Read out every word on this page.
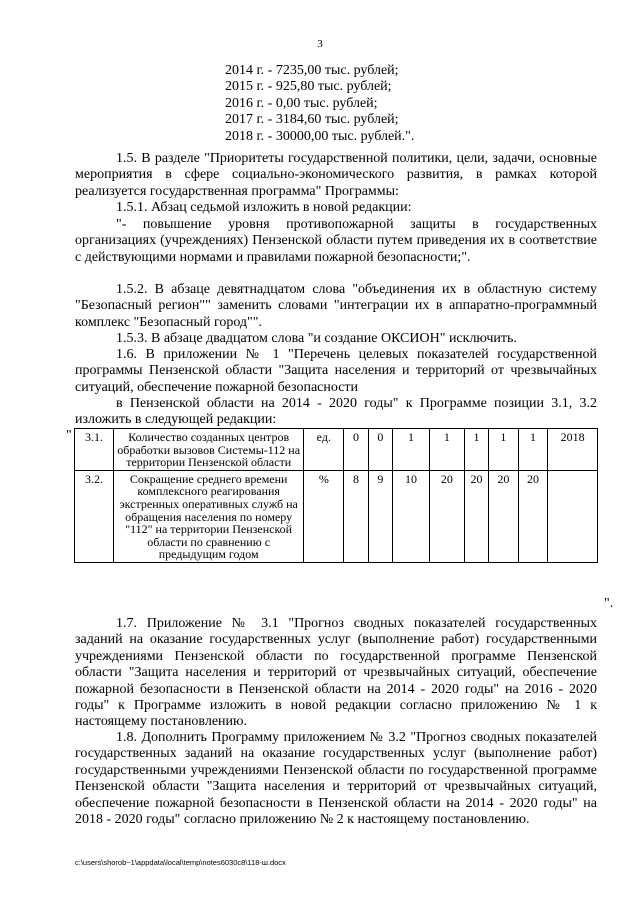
3
2014 г. - 7235,00 тыс. рублей;
2015 г. - 925,80 тыс. рублей;
2016 г. - 0,00 тыс. рублей;
2017 г. - 3184,60 тыс. рублей;
2018 г. - 30000,00 тыс. рублей.".
1.5. В разделе "Приоритеты государственной политики, цели, задачи, основные мероприятия в сфере социально-экономического развития, в рамках которой реализуется государственная программа" Программы:
1.5.1. Абзац седьмой изложить в новой редакции:
"- повышение уровня противопожарной защиты в государственных организациях (учреждениях) Пензенской области путем приведения их в соответствие с действующими нормами и правилами пожарной безопасности;".
1.5.2. В абзаце девятнадцатом слова "объединения их в областную систему "Безопасный регион"" заменить словами "интеграции их в аппаратно-программный комплекс "Безопасный город"".
1.5.3. В абзаце двадцатом слова "и создание ОКСИОН" исключить.
1.6. В приложении № 1 "Перечень целевых показателей государственной программы Пензенской области "Защита населения и территорий от чрезвычайных ситуаций, обеспечение пожарной безопасности
в Пензенской области на 2014 - 2020 годы" к Программе позиции 3.1, 3.2 изложить в следующей редакции:
" 3.1.	Количество созданных центров обработки вызовов Системы-112 на территории Пензенской области	ед.	0	0	1	1	1	1	1	2018
3.2.	Сокращение среднего времени комплексного реагирования экстренных оперативных служб на обращения населения по номеру "112" на территории Пензенской области по сравнению с предыдущим годом	%	8	9	10	20	20	20	20	
".
1.7. Приложение № 3.1 "Прогноз сводных показателей государственных заданий на оказание государственных услуг (выполнение работ) государственными учреждениями Пензенской области по государственной программе Пензенской области "Защита населения и территорий от чрезвычайных ситуаций, обеспечение пожарной безопасности в Пензенской области на 2014 - 2020 годы" на 2016 - 2020 годы" к Программе изложить в новой редакции согласно приложению № 1 к настоящему постановлению.
1.8. Дополнить Программу приложением № 3.2 "Прогноз сводных показателей государственных заданий на оказание государственных услуг (выполнение работ) государственными учреждениями Пензенской области по государственной программе Пензенской области "Защита населения и территорий от чрезвычайных ситуаций, обеспечение пожарной безопасности в Пензенской области на 2014 - 2020 годы" на 2018 - 2020 годы" согласно приложению № 2 к настоящему постановлению.
c:\users\shorob~1\appdata\local\temp\notes6030c8\118-ш.docx
